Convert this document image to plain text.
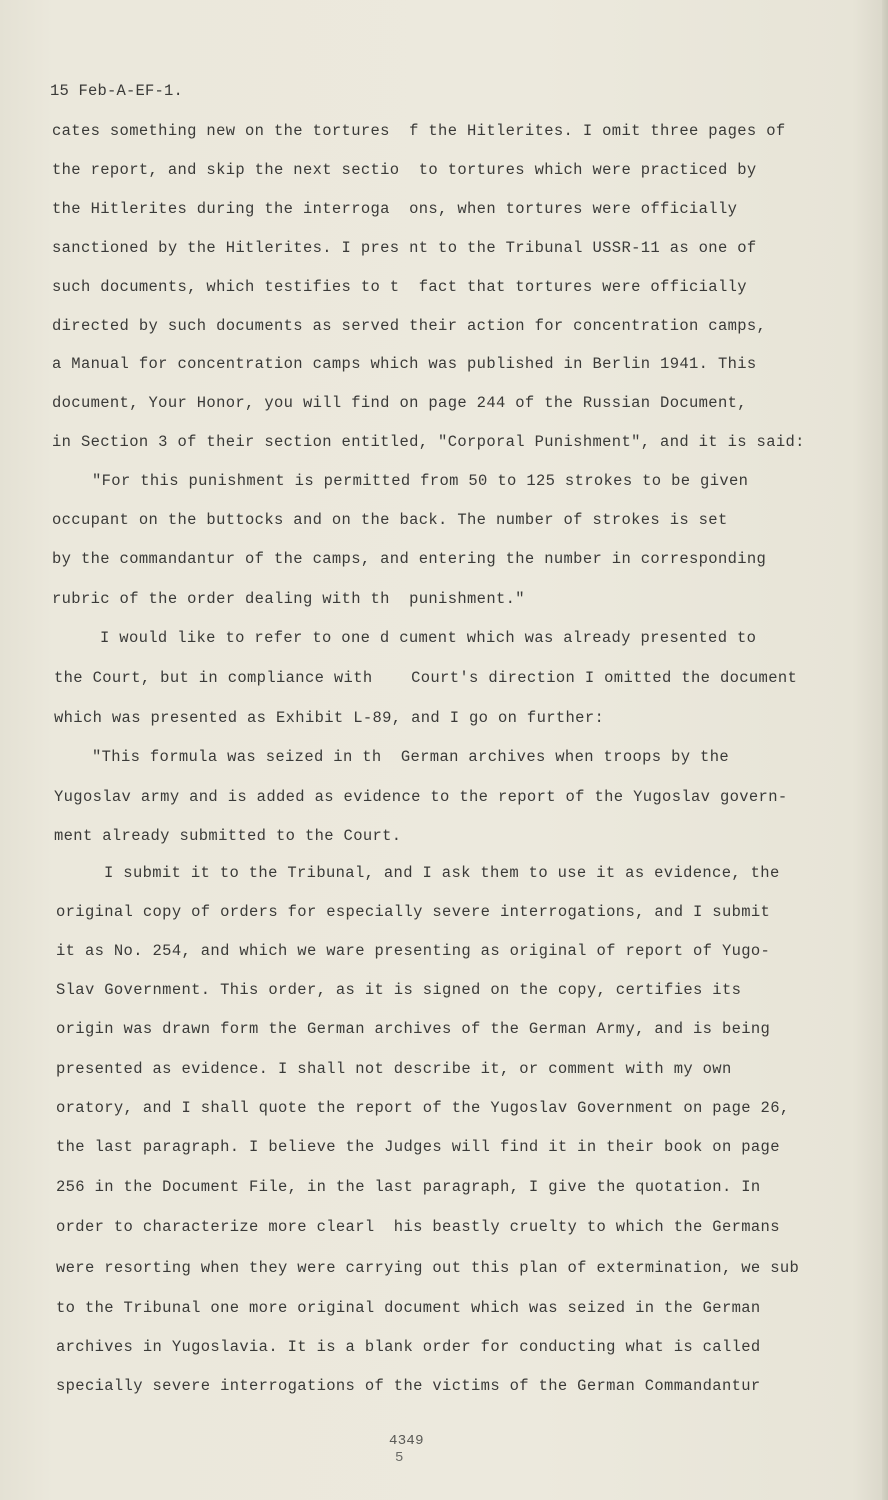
15 Feb-A-EF-1.
cates something new on the tortures  f the Hitlerites. I omit three pages of
the report, and skip the next sectio  to tortures which were practiced by
the Hitlerites during the interroga  ons, when tortures were officially
sanctioned by the Hitlerites. I pres nt to the Tribunal USSR-11 as one of
such documents, which testifies to t  fact that tortures were officially
directed by such documents as served their action for concentration camps,
a Manual for concentration camps which was published in Berlin 1941. This
document, Your Honor, you will find on page 244 of the Russian Document,
in Section 3 of their section entitled, "Corporal Punishment", and it is said:
"For this punishment is permitted from 50 to 125 strokes to be given
occupant on the buttocks and on the back. The number of strokes is set
by the commandantur of the camps, and entering the number in corresponding
rubric of the order dealing with th  punishment."
I would like to refer to one d cument which was already presented to
the Court, but in compliance with    Court's direction I omitted the document
which was presented as Exhibit L-89, and I go on further:
"This formula was seized in th  German archives when troops by the
Yugoslav army and is added as evidence to the report of the Yugoslav govern-
ment already submitted to the Court.
I submit it to the Tribunal, and I ask them to use it as evidence, the
original copy of orders for especially severe interrogations, and I submit
it as No. 254, and which we ware presenting as original of report of Yugo-
Slav Government. This order, as it is signed on the copy, certifies its
origin was drawn form the German archives of the German Army, and is being
presented as evidence. I shall not describe it, or comment with my own
oratory, and I shall quote the report of the Yugoslav Government on page 26,
the last paragraph. I believe the Judges will find it in their book on page
256 in the Document File, in the last paragraph, I give the quotation. In
order to characterize more clearl  his beastly cruelty to which the Germans
were resorting when they were carrying out this plan of extermination, we sub
to the Tribunal one more original document which was seized in the German
archives in Yugoslavia. It is a blank order for conducting what is called
specially severe interrogations of the victims of the German Commandantur
4349
5
